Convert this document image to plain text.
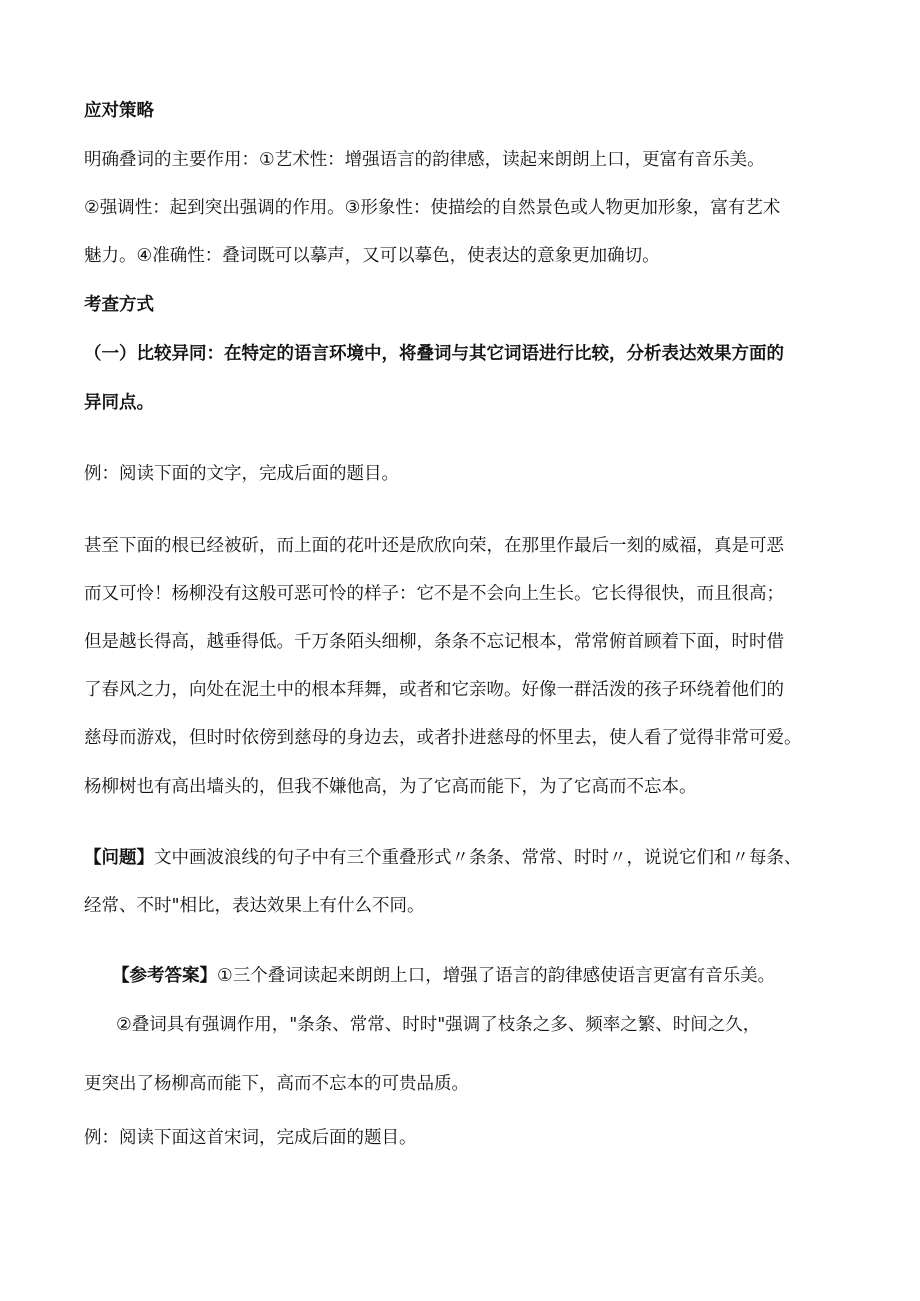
应对策略

明确叠词的主要作用：①艺术性：增强语言的韵律感，读起来朗朗上口，更富有音乐美。

②强调性：起到突出强调的作用。③形象性：使描绘的自然景色或人物更加形象，富有艺术

魅力。④准确性：叠词既可以摹声，又可以摹色，使表达的意象更加确切。

考查方式

（一）比较异同：在特定的语言环境中，将叠词与其它词语进行比较，分析表达效果方面的

异同点。

例：阅读下面的文字，完成后面的题目。

甚至下面的根已经被斫，而上面的花叶还是欣欣向荣，在那里作最后一刻的威福，真是可恶

而又可怜！杨柳没有这般可恶可怜的样子：它不是不会向上生长。它长得很快，而且很高；

但是越长得高，越垂得低。千万条陌头细柳，条条不忘记根本，常常俯首顾着下面，时时借

了春风之力，向处在泥土中的根本拜舞，或者和它亲吻。好像一群活泼的孩子环绕着他们的

慈母而游戏，但时时依傍到慈母的身边去，或者扑进慈母的怀里去，使人看了觉得非常可爱。

杨柳树也有高出墙头的，但我不嫌他高，为了它高而能下，为了它高而不忘本。

【问题】文中画波浪线的句子中有三个重叠形式〃条条、常常、时时〃，说说它们和〃每条、

经常、不时"相比，表达效果上有什么不同。

【参考答案】①三个叠词读起来朗朗上口，增强了语言的韵律感使语言更富有音乐美。

②叠词具有强调作用，"条条、常常、时时"强调了枝条之多、频率之繁、时间之久，

更突出了杨柳高而能下，高而不忘本的可贵品质。

例：阅读下面这首宋词，完成后面的题目。
